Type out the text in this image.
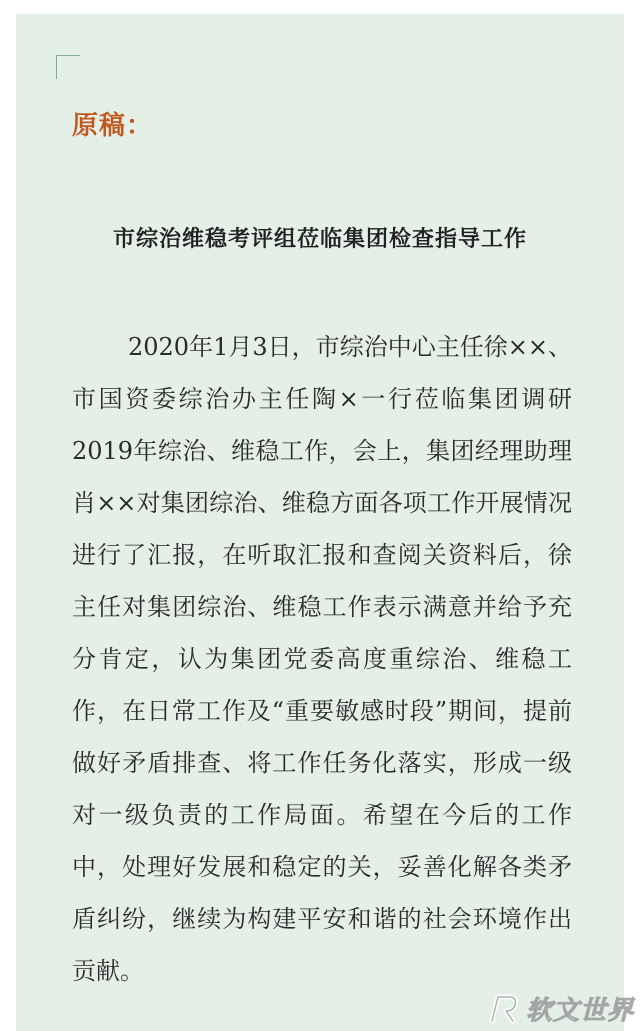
原稿：
市综治维稳考评组莅临集团检查指导工作

2020年1月3日，市综治中心主任徐××、市国资委综治办主任陶×一行莅临集团调研2019年综治、维稳工作，会上，集团经理助理肖××对集团综治、维稳方面各项工作开展情况进行了汇报，在听取汇报和查阅关资料后，徐主任对集团综治、维稳工作表示满意并给予充分肯定，认为集团党委高度重综治、维稳工作，在日常工作及“重要敏感时段”期间，提前做好矛盾排查、将工作任务化落实，形成一级对一级负责的工作局面。希望在今后的工作中，处理好发展和稳定的关，妥善化解各类矛盾纠纷，继续为构建平安和谐的社会环境作出贡献。

软文世界
